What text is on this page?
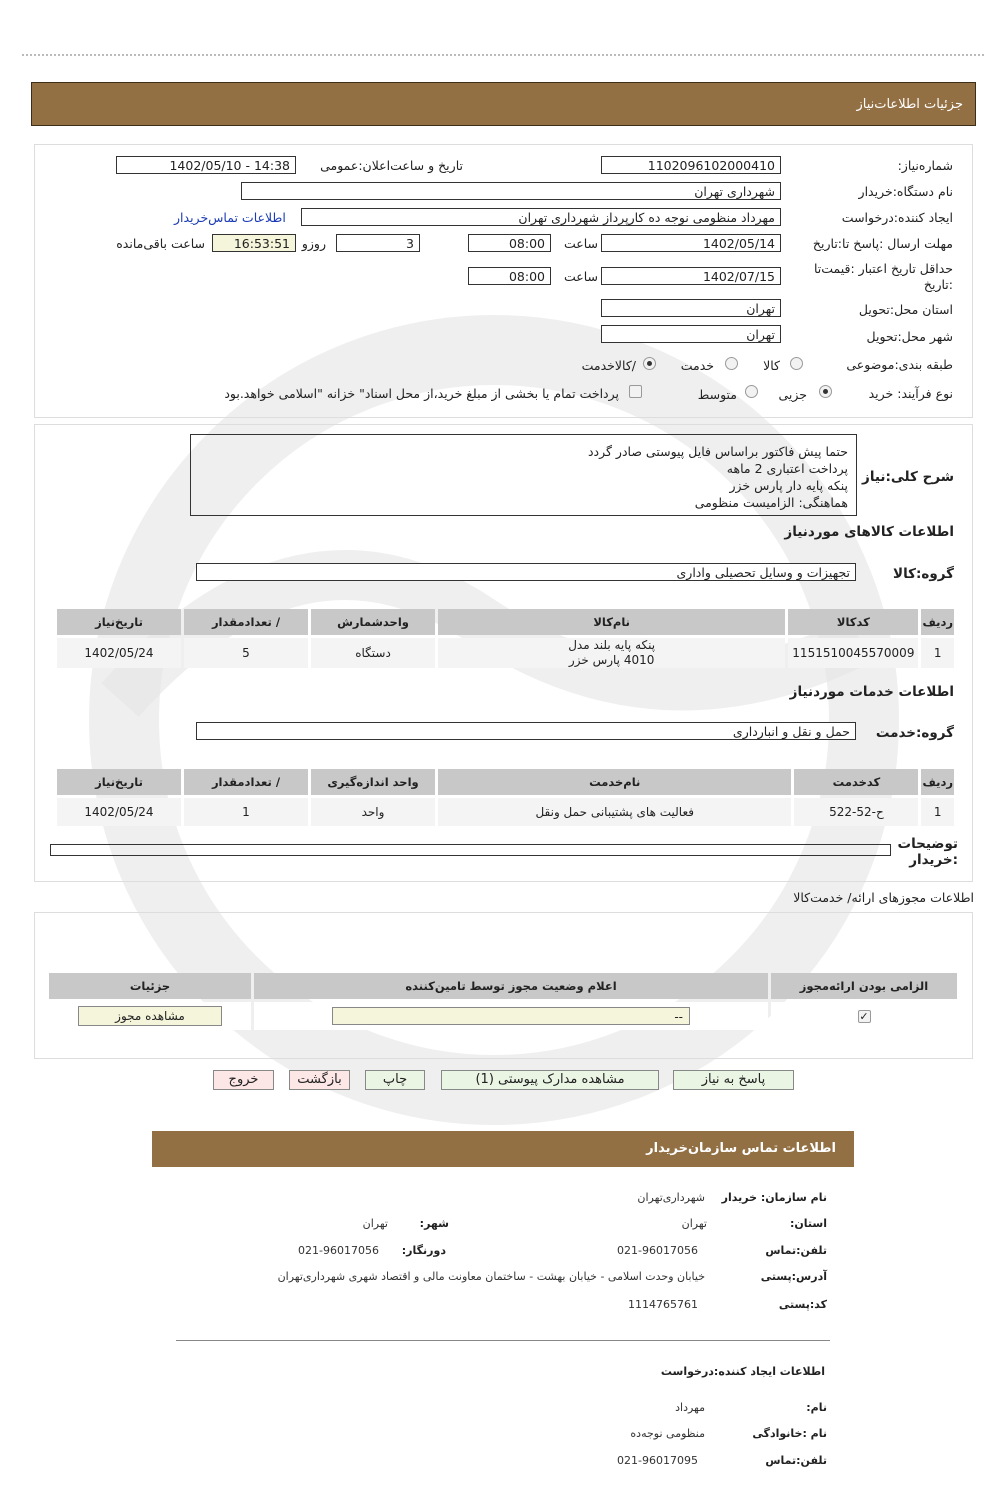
جزئیات اطلاعات‌نیاز
شماره‌نیاز:
1102096102000410
تاریخ و ساعت‌اعلان:عمومی
1402/05/10 - 14:38
نام دستگاه:خریدار
شهرداری تهران
ایجاد کننده:درخواست
مهرداد منظومی نوجه ده کارپرداز شهرداری تهران
اطلاعات تماس‌خریدار
مهلت ارسال :پاسخ تا:تاریخ
1402/05/14
ساعت
08:00
3
روزو
16:53:51
ساعت باقی‌مانده
حداقل تاریخ اعتبار :قیمت‌تا :تاریخ
1402/07/15
ساعت
08:00
استان محل:تحویل
تهران
شهر محل:تحویل
تهران
طبقه بندی:موضوعی
کالا
خدمت
/کالاخدمت
نوع فرآیند: خرید
جزیی
متوسط
پرداخت تمام یا بخشی از مبلغ خرید،از محل اسناد" خزانه "اسلامی خواهد.بود
شرح کلی:نیاز
حتما پیش فاکتور براساس فایل پیوستی صادر گردد
پرداخت اعتباری 2 ماهه
پنکه پایه دار پارس خزر
هماهنگی: الزامیست منظومی
اطلاعات کالاهای موردنیاز
گروه:کالا
تجهیزات و وسایل تحصیلی واداری
ردیف	کدکالا	نام‌کالا	واحدشمارش	/ تعدادمقدار	تاریخ‌نیاز
1	1151510045570009	پنکه پایه بلند مدل 4010 پارس خزر	دستگاه	5	1402/05/24
اطلاعات خدمات موردنیاز
گروه:خدمت
حمل و نقل و انبارداری
ردیف	کدخدمت	نام‌خدمت	واحد اندازه‌گیری	/ تعدادمقدار	تاریخ‌نیاز
1	ح-52-522	فعالیت های پشتیبانی حمل ونقل	واحد	1	1402/05/24
توضیحات :خریدار
اطلاعات مجوزهای ارائه/ خدمت‌کالا
الزامی بودن ارائه‌مجوز	اعلام وضعیت مجوز توسط تامین‌کننده	جزئیات
✓	--	مشاهده مجوز
پاسخ به نیاز
مشاهده مدارک پیوستی (1)
چاپ
بازگشت
خروج
اطلاعات تماس سازمان‌خریدار
نام سازمان: خریدار
شهرداری‌تهران
استان:
تهران
شهر:
تهران
تلفن:تماس
021-96017056
دورنگار:
021-96017056
آدرس:پستی
خیابان وحدت اسلامی - خیابان بهشت - ساختمان معاونت مالی و اقتصاد شهری شهرداری‌تهران
کد:پستی
1114765761
اطلاعات ایجاد کننده:درخواست
نام:
مهرداد
نام :خانوادگی
منظومی نوجه‌ده
تلفن:تماس
021-96017095
